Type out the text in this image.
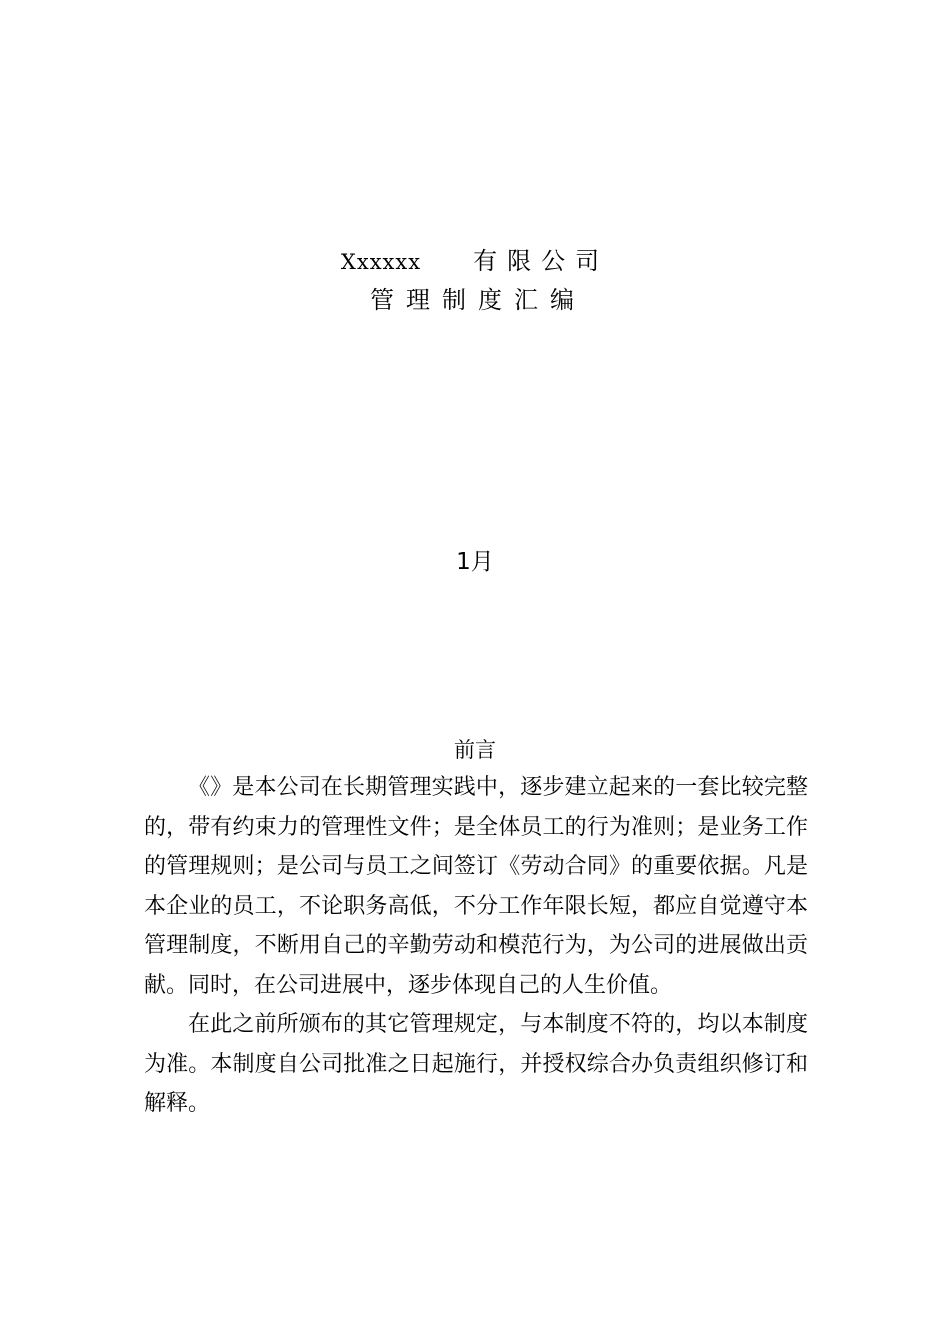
Xxxxxx 有限公司
管理制度汇编
1月
前言

《》是本公司在长期管理实践中，逐步建立起来的一套比较完整的，带有约束力的管理性文件；是全体员工的行为准则；是业务工作的管理规则；是公司与员工之间签订《劳动合同》的重要依据。凡是本企业的员工，不论职务高低，不分工作年限长短，都应自觉遵守本管理制度，不断用自己的辛勤劳动和模范行为，为公司的进展做出贡献。同时，在公司进展中，逐步体现自己的人生价值。

在此之前所颁布的其它管理规定，与本制度不符的，均以本制度为准。本制度自公司批准之日起施行，并授权综合办负责组织修订和解释。
